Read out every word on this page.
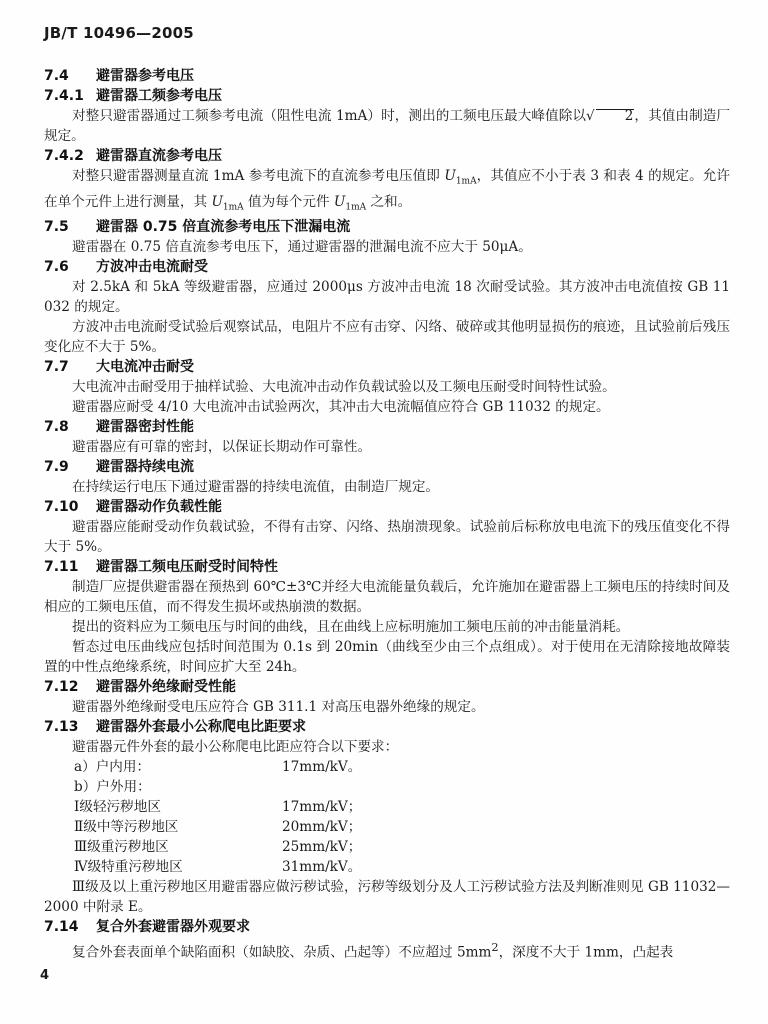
JB/T 10496—2005
7.4 避雷器参考电压
7.4.1 避雷器工频参考电压
对整只避雷器通过工频参考电流（阻性电流 1mA）时，测出的工频电压最大峰值除以√ 2，其值由制造厂规定。
7.4.2 避雷器直流参考电压
对整只避雷器测量直流 1mA 参考电流下的直流参考电压值即 $U_{1mA}$，其值应不小于表 3 和表 4 的规定。允许在单个元件上进行测量，其 $U_{1mA}$ 值为每个元件 $U_{1mA}$ 之和。
7.5 避雷器 0.75 倍直流参考电压下泄漏电流
避雷器在 0.75 倍直流参考电压下，通过避雷器的泄漏电流不应大于 50μA。
7.6 方波冲击电流耐受
对 2.5kA 和 5kA 等级避雷器，应通过 2000μs 方波冲击电流 18 次耐受试验。其方波冲击电流值按 GB 11032 的规定。
方波冲击电流耐受试验后观察试品，电阻片不应有击穿、闪络、破碎或其他明显损伤的痕迹，且试验前后残压变化应不大于 5%。
7.7 大电流冲击耐受
大电流冲击耐受用于抽样试验、大电流冲击动作负载试验以及工频电压耐受时间特性试验。
避雷器应耐受 4/10 大电流冲击试验两次，其冲击大电流幅值应符合 GB 11032 的规定。
7.8 避雷器密封性能
避雷器应有可靠的密封，以保证长期动作可靠性。
7.9 避雷器持续电流
在持续运行电压下通过避雷器的持续电流值，由制造厂规定。
7.10 避雷器动作负载性能
避雷器应能耐受动作负载试验，不得有击穿、闪络、热崩溃现象。试验前后标称放电电流下的残压值变化不得大于 5%。
7.11 避雷器工频电压耐受时间特性
制造厂应提供避雷器在预热到 60℃±3℃并经大电流能量负载后，允许施加在避雷器上工频电压的持续时间及相应的工频电压值，而不得发生损坏或热崩溃的数据。
提出的资料应为工频电压与时间的曲线，且在曲线上应标明施加工频电压前的冲击能量消耗。
暂态过电压曲线应包括时间范围为 0.1s 到 20min（曲线至少由三个点组成）。对于使用在无清除接地故障装置的中性点绝缘系统，时间应扩大至 24h。
7.12 避雷器外绝缘耐受性能
避雷器外绝缘耐受电压应符合 GB 311.1 对高压电器外绝缘的规定。
7.13 避雷器外套最小公称爬电比距要求
避雷器元件外套的最小公称爬电比距应符合以下要求：
a）户内用：	17mm/kV。
b）户外用：
Ⅰ级轻污秽地区	17mm/kV；
Ⅱ级中等污秽地区	20mm/kV；
Ⅲ级重污秽地区	25mm/kV；
Ⅳ级特重污秽地区	31mm/kV。
Ⅲ级及以上重污秽地区用避雷器应做污秽试验，污秽等级划分及人工污秽试验方法及判断准则见 GB 11032—2000 中附录 E。
7.14 复合外套避雷器外观要求
复合外套表面单个缺陷面积（如缺胶、杂质、凸起等）不应超过 $5mm^2$，深度不大于 1mm，凸起表
4
